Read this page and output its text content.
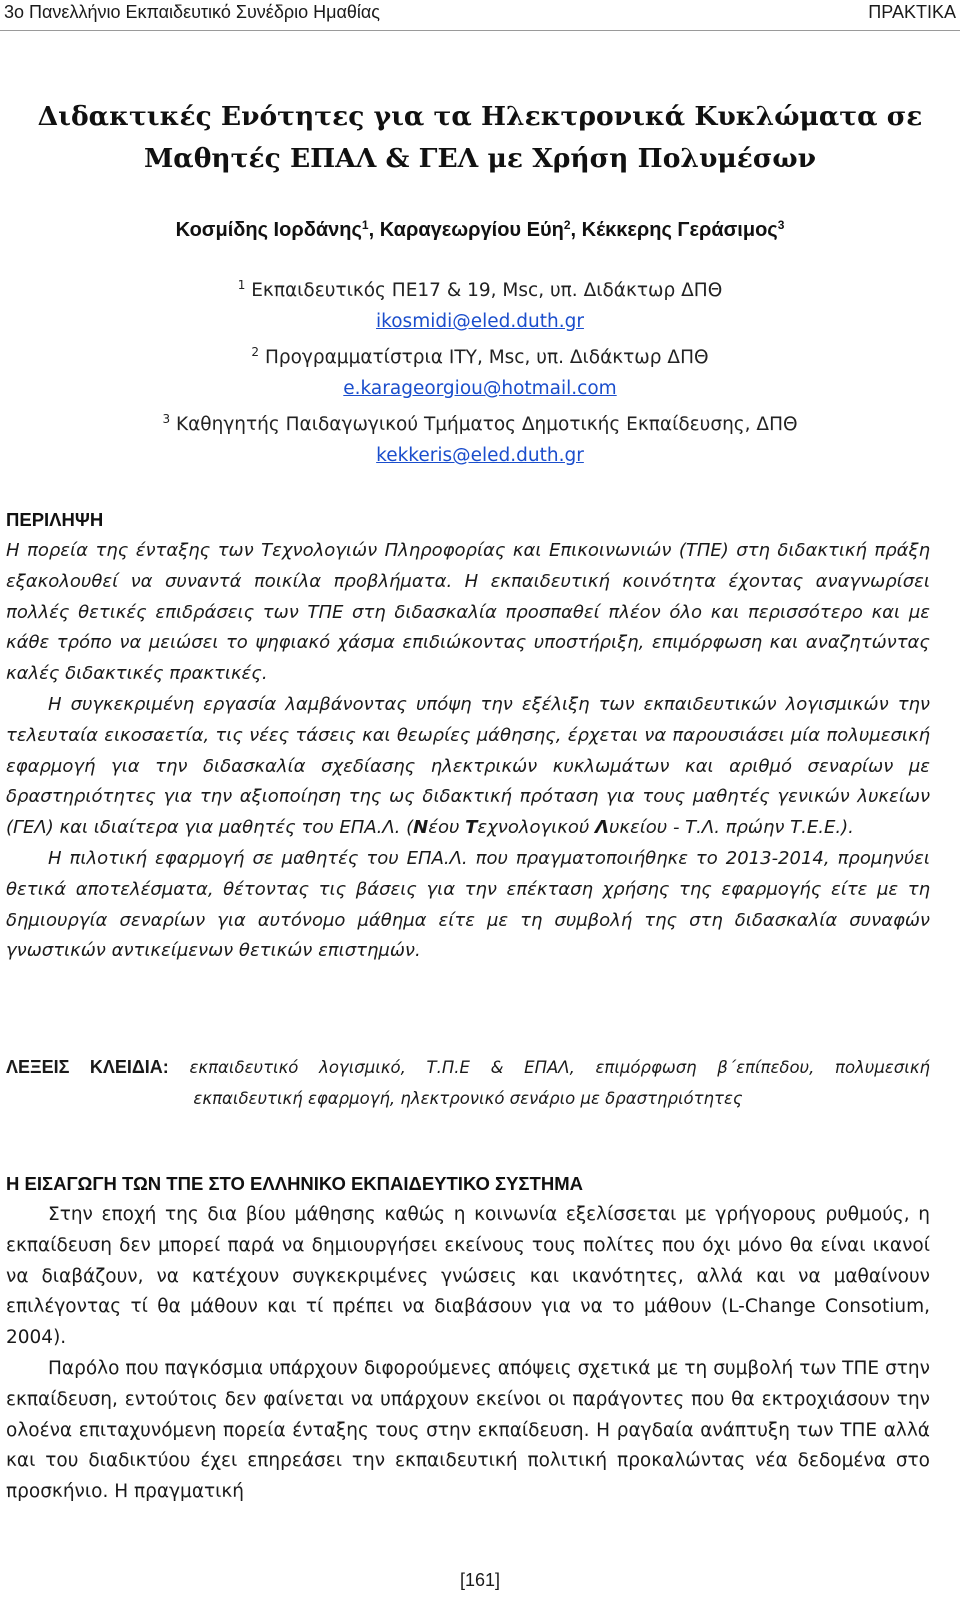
3ο Πανελλήνιο Εκπαιδευτικό Συνέδριο Ημαθίας	ΠΡΑΚΤΙΚΑ
Διδακτικές Ενότητες για τα Ηλεκτρονικά Κυκλώματα σε
Μαθητές ΕΠΑΛ & ΓΕΛ με Χρήση Πολυμέσων
Κοσμίδης Ιορδάνης$^1$, Καραγεωργίου Εύη$^2$, Κέκκερης Γεράσιμος$^3$
$^1$ Εκπαιδευτικός ΠΕ17 & 19, Msc, υπ. Διδάκτωρ ΔΠΘ
ikosmidi@eled.duth.gr
$^2$ Προγραμματίστρια ΙΤΥ, Msc, υπ. Διδάκτωρ ΔΠΘ
e.karageorgiou@hotmail.com
$^3$ Καθηγητής Παιδαγωγικού Τμήματος Δημοτικής Εκπαίδευσης, ΔΠΘ
kekkeris@eled.duth.gr
ΠΕΡΙΛΗΨΗ

Η πορεία της ένταξης των Τεχνολογιών Πληροφορίας και Επικοινωνιών (ΤΠΕ) στη διδακτική πράξη εξακολουθεί να συναντά ποικίλα προβλήματα. Η εκπαιδευτική κοινότητα έχοντας αναγνωρίσει πολλές θετικές επιδράσεις των ΤΠΕ στη διδασκαλία προσπαθεί πλέον όλο και περισσότερο και με κάθε τρόπο να μειώσει το ψηφιακό χάσμα επιδιώκοντας υποστήριξη, επιμόρφωση και αναζητώντας καλές διδακτικές πρακτικές.

Η συγκεκριμένη εργασία λαμβάνοντας υπόψη την εξέλιξη των εκπαιδευτικών λογισμικών την τελευταία εικοσαετία, τις νέες τάσεις και θεωρίες μάθησης, έρχεται να παρουσιάσει μία πολυμεσική εφαρμογή για την διδασκαλία σχεδίασης ηλεκτρικών κυκλωμάτων και αριθμό σεναρίων με δραστηριότητες για την αξιοποίηση της ως διδακτική πρόταση για τους μαθητές γενικών λυκείων (ΓΕΛ) και ιδιαίτερα για μαθητές του ΕΠΑ.Λ. (Νέου Τεχνολογικού Λυκείου - Τ.Λ. πρώην Τ.Ε.Ε.).

Η πιλοτική εφαρμογή σε μαθητές του ΕΠΑ.Λ. που πραγματοποιήθηκε το 2013-2014, προμηνύει θετικά αποτελέσματα, θέτοντας τις βάσεις για την επέκταση χρήσης της εφαρμογής είτε με τη δημιουργία σεναρίων για αυτόνομο μάθημα είτε με τη συμβολή της στη διδασκαλία συναφών γνωστικών αντικείμενων θετικών επιστημών.

ΛΕΞΕΙΣ ΚΛΕΙΔΙΑ: εκπαιδευτικό λογισμικό, Τ.Π.Ε & ΕΠΑΛ, επιμόρφωση β΄επίπεδου, πολυμεσική
εκπαιδευτική εφαρμογή, ηλεκτρονικό σενάριο με δραστηριότητες
Η ΕΙΣΑΓΩΓΗ ΤΩΝ ΤΠΕ ΣΤΟ ΕΛΛΗΝΙΚΟ ΕΚΠΑΙΔΕΥΤΙΚΟ ΣΥΣΤΗΜΑ

Στην εποχή της δια βίου μάθησης καθώς η κοινωνία εξελίσσεται με γρήγορους ρυθμούς, η εκπαίδευση δεν μπορεί παρά να δημιουργήσει εκείνους τους πολίτες που όχι μόνο θα είναι ικανοί να διαβάζουν, να κατέχουν συγκεκριμένες γνώσεις και ικανότητες, αλλά και να μαθαίνουν επιλέγοντας τί θα μάθουν και τί πρέπει να διαβάσουν για να το μάθουν (L-Change Consotium, 2004).

Παρόλο που παγκόσμια υπάρχουν διφορούμενες απόψεις σχετικά με τη συμβολή των ΤΠΕ στην εκπαίδευση, εντούτοις δεν φαίνεται να υπάρχουν εκείνοι οι παράγοντες που θα εκτροχιάσουν την ολοένα επιταχυνόμενη πορεία ένταξης τους στην εκπαίδευση. Η ραγδαία ανάπτυξη των ΤΠΕ αλλά και του διαδικτύου έχει επηρεάσει την εκπαιδευτική πολιτική προκαλώντας νέα δεδομένα στο προσκήνιο. Η πραγματική

[161]
